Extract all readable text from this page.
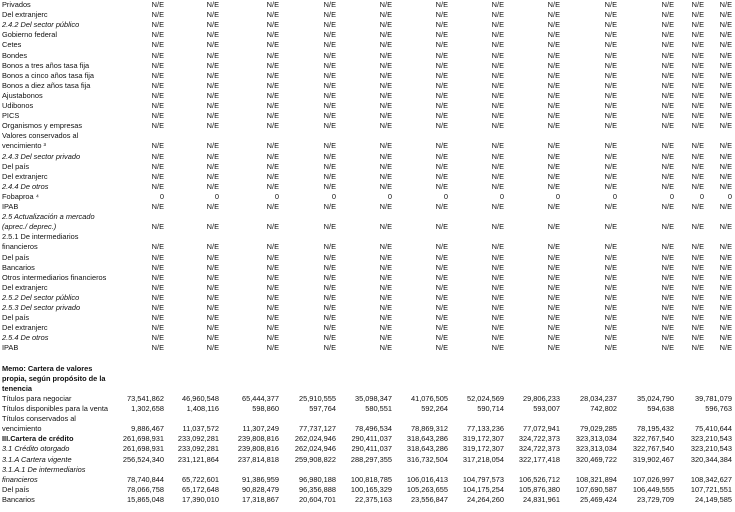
Privados	N/E	N/E	N/E	N/E	N/E	N/E	N/E	N/E	N/E	N/E	N/E	N/E
Del extranjerc	N/E	N/E	N/E	N/E	N/E	N/E	N/E	N/E	N/E	N/E	N/E	N/E
2.4.2 Del sector público	N/E	N/E	N/E	N/E	N/E	N/E	N/E	N/E	N/E	N/E	N/E	N/E
Gobierno federal	N/E	N/E	N/E	N/E	N/E	N/E	N/E	N/E	N/E	N/E	N/E	N/E
Cetes	N/E	N/E	N/E	N/E	N/E	N/E	N/E	N/E	N/E	N/E	N/E	N/E
Bondes	N/E	N/E	N/E	N/E	N/E	N/E	N/E	N/E	N/E	N/E	N/E	N/E
Bonos a tres años tasa fija	N/E	N/E	N/E	N/E	N/E	N/E	N/E	N/E	N/E	N/E	N/E	N/E
Bonos a cinco años tasa fija	N/E	N/E	N/E	N/E	N/E	N/E	N/E	N/E	N/E	N/E	N/E	N/E
Bonos a diez años tasa fija	N/E	N/E	N/E	N/E	N/E	N/E	N/E	N/E	N/E	N/E	N/E	N/E
Ajustabonos	N/E	N/E	N/E	N/E	N/E	N/E	N/E	N/E	N/E	N/E	N/E	N/E
Udibonos	N/E	N/E	N/E	N/E	N/E	N/E	N/E	N/E	N/E	N/E	N/E	N/E
PICS	N/E	N/E	N/E	N/E	N/E	N/E	N/E	N/E	N/E	N/E	N/E	N/E
Organismos y empresas	N/E	N/E	N/E	N/E	N/E	N/E	N/E	N/E	N/E	N/E	N/E	N/E
Valores conservados al
vencimiento ³	N/E	N/E	N/E	N/E	N/E	N/E	N/E	N/E	N/E	N/E	N/E	N/E
2.4.3 Del sector privado	N/E	N/E	N/E	N/E	N/E	N/E	N/E	N/E	N/E	N/E	N/E	N/E
Del país	N/E	N/E	N/E	N/E	N/E	N/E	N/E	N/E	N/E	N/E	N/E	N/E
Del extranjerc	N/E	N/E	N/E	N/E	N/E	N/E	N/E	N/E	N/E	N/E	N/E	N/E
2.4.4 De otros	N/E	N/E	N/E	N/E	N/E	N/E	N/E	N/E	N/E	N/E	N/E	N/E
Fobaproa ⁴	0	0	0	0	0	0	0	0	0	0	0	0
IPAB	N/E	N/E	N/E	N/E	N/E	N/E	N/E	N/E	N/E	N/E	N/E	N/E
2.5 Actualización a mercado
(aprec./ deprec.)	N/E	N/E	N/E	N/E	N/E	N/E	N/E	N/E	N/E	N/E	N/E	N/E
2.5.1 De intermediarios
financieros	N/E	N/E	N/E	N/E	N/E	N/E	N/E	N/E	N/E	N/E	N/E	N/E
Del país	N/E	N/E	N/E	N/E	N/E	N/E	N/E	N/E	N/E	N/E	N/E	N/E
Bancarios	N/E	N/E	N/E	N/E	N/E	N/E	N/E	N/E	N/E	N/E	N/E	N/E
Otros intermediarios financieros	N/E	N/E	N/E	N/E	N/E	N/E	N/E	N/E	N/E	N/E	N/E	N/E
Del extranjerc	N/E	N/E	N/E	N/E	N/E	N/E	N/E	N/E	N/E	N/E	N/E	N/E
2.5.2 Del sector público	N/E	N/E	N/E	N/E	N/E	N/E	N/E	N/E	N/E	N/E	N/E	N/E
2.5.3 Del sector privado	N/E	N/E	N/E	N/E	N/E	N/E	N/E	N/E	N/E	N/E	N/E	N/E
Del país	N/E	N/E	N/E	N/E	N/E	N/E	N/E	N/E	N/E	N/E	N/E	N/E
Del extranjerc	N/E	N/E	N/E	N/E	N/E	N/E	N/E	N/E	N/E	N/E	N/E	N/E
2.5.4 De otros	N/E	N/E	N/E	N/E	N/E	N/E	N/E	N/E	N/E	N/E	N/E	N/E
IPAB	N/E	N/E	N/E	N/E	N/E	N/E	N/E	N/E	N/E	N/E	N/E	N/E
Memo: Cartera de valores
propia, según propósito de la
tenencia
Títulos para negociar	73,541,862	46,960,548	65,444,377	25,910,555	35,098,347	41,076,505	52,024,569	29,806,233	28,034,237	35,024,790	39,781,079
Títulos disponibles para la venta	1,302,658	1,408,116	598,860	597,764	580,551	592,264	590,714	593,007	742,802	594,638	596,763
Títulos conservados al
vencimiento	9,886,467	11,037,572	11,307,249	77,737,127	78,496,534	78,869,312	77,133,236	77,072,941	79,029,285	78,195,432	75,410,644
III.Cartera de crédito	261,698,931	233,092,281	239,808,816	262,024,946	290,411,037	318,643,286	319,172,307	324,722,373	323,313,034	322,767,540	323,210,543
3.1 Crédito otorgado	261,698,931	233,092,281	239,808,816	262,024,946	290,411,037	318,643,286	319,172,307	324,722,373	323,313,034	322,767,540	323,210,543
3.1.A Cartera vigente	256,524,340	231,121,864	237,814,818	259,908,822	288,297,355	316,732,504	317,218,054	322,177,418	320,469,722	319,902,467	320,344,384
3.1.A.1 De intermediarios
financieros	78,740,844	65,722,601	91,386,959	96,980,188	100,818,785	106,016,413	104,797,573	106,526,712	108,321,894	107,026,997	108,342,627
Del país	78,066,758	65,172,648	90,828,479	96,356,888	100,165,329	105,263,655	104,175,254	105,876,380	107,690,587	106,449,555	107,721,551
Bancarios	15,865,048	17,390,010	17,318,867	20,604,701	22,375,163	23,556,847	24,264,260	24,831,961	25,469,424	23,729,709	24,149,585
